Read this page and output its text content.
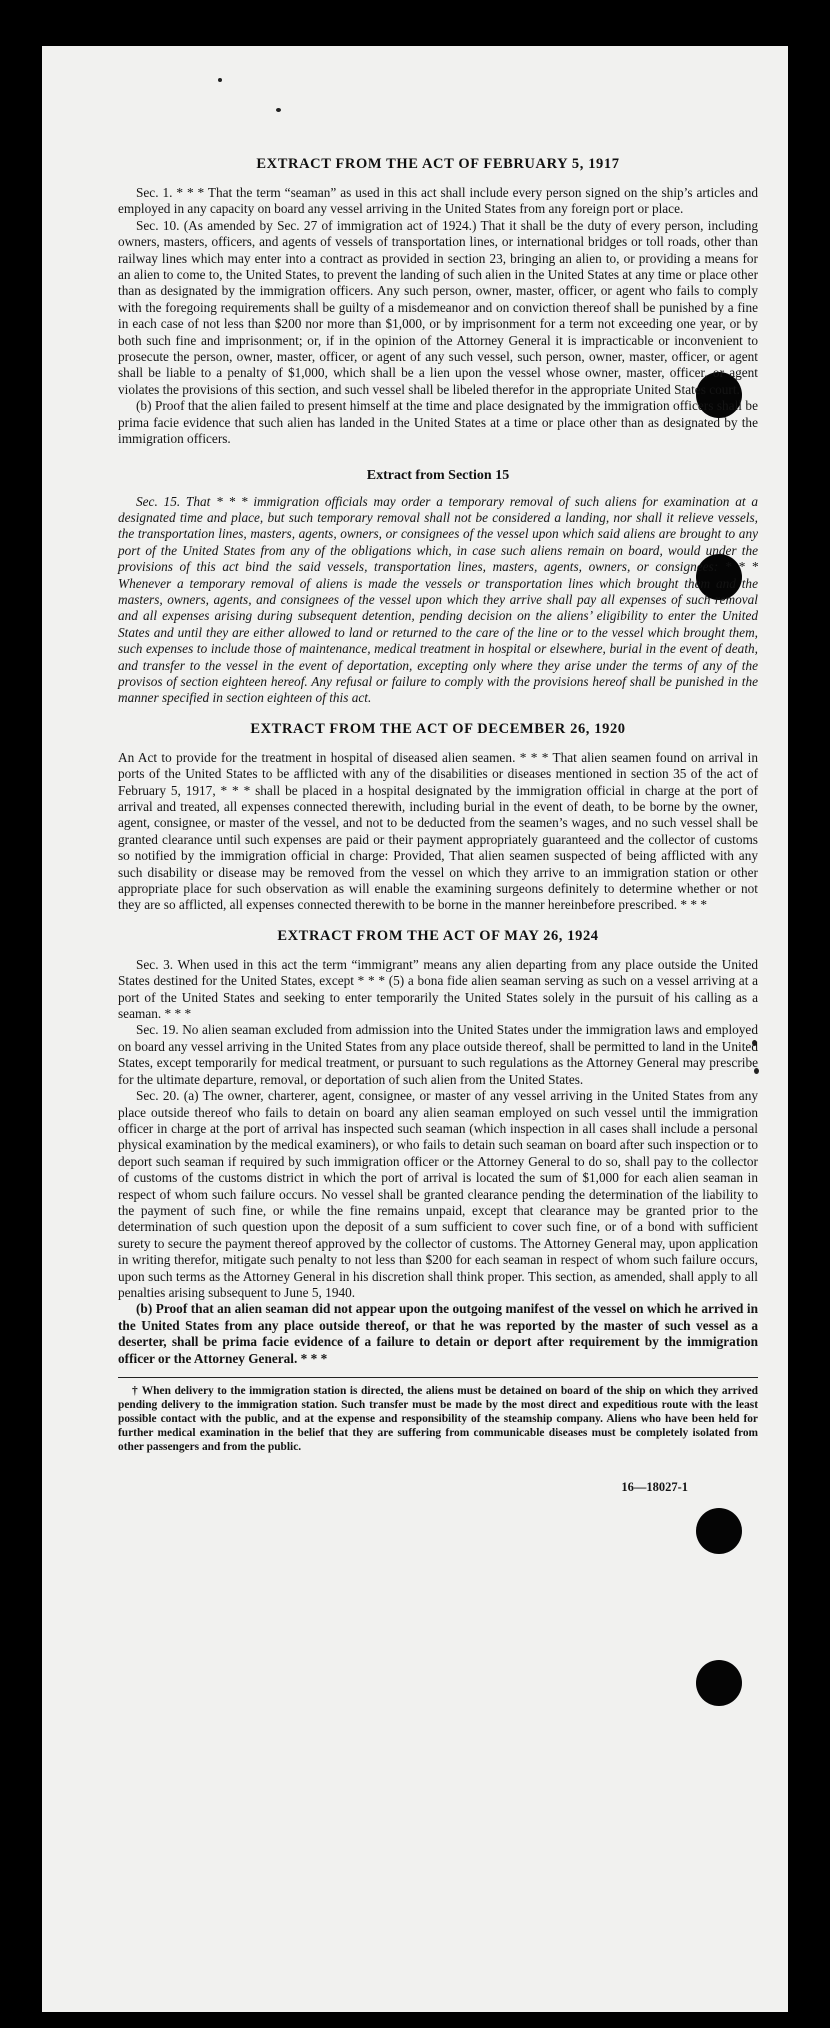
EXTRACT FROM THE ACT OF FEBRUARY 5, 1917

Sec. 1. * * * That the term “seaman” as used in this act shall include every person signed on the ship’s articles and employed in any capacity on board any vessel arriving in the United States from any foreign port or place.

Sec. 10. (As amended by Sec. 27 of immigration act of 1924.) That it shall be the duty of every person, including owners, masters, officers, and agents of vessels of transportation lines, or international bridges or toll roads, other than railway lines which may enter into a contract as provided in section 23, bringing an alien to, or providing a means for an alien to come to, the United States, to prevent the landing of such alien in the United States at any time or place other than as designated by the immigration officers. Any such person, owner, master, officer, or agent who fails to comply with the foregoing requirements shall be guilty of a misdemeanor and on conviction thereof shall be punished by a fine in each case of not less than $200 nor more than $1,000, or by imprisonment for a term not exceeding one year, or by both such fine and imprisonment; or, if in the opinion of the Attorney General it is impracticable or inconvenient to prosecute the person, owner, master, officer, or agent of any such vessel, such person, owner, master, officer, or agent shall be liable to a penalty of $1,000, which shall be a lien upon the vessel whose owner, master, officer, or agent violates the provisions of this section, and such vessel shall be libeled therefor in the appropriate United States court.

(b) Proof that the alien failed to present himself at the time and place designated by the immigration officers shall be prima facie evidence that such alien has landed in the United States at a time or place other than as designated by the immigration officers.

Extract from Section 15

Sec. 15. That * * * immigration officials may order a temporary removal of such aliens for examination at a designated time and place, but such temporary removal shall not be considered a landing, nor shall it relieve vessels, the transportation lines, masters, agents, owners, or consignees of the vessel upon which said aliens are brought to any port of the United States from any of the obligations which, in case such aliens remain on board, would under the provisions of this act bind the said vessels, transportation lines, masters, agents, owners, or consignees: * * * Whenever a temporary removal of aliens is made the vessels or transportation lines which brought them and the masters, owners, agents, and consignees of the vessel upon which they arrive shall pay all expenses of such removal and all expenses arising during subsequent detention, pending decision on the aliens’ eligibility to enter the United States and until they are either allowed to land or returned to the care of the line or to the vessel which brought them, such expenses to include those of maintenance, medical treatment in hospital or elsewhere, burial in the event of death, and transfer to the vessel in the event of deportation, excepting only where they arise under the terms of any of the provisos of section eighteen hereof. Any refusal or failure to comply with the provisions hereof shall be punished in the manner specified in section eighteen of this act.

EXTRACT FROM THE ACT OF DECEMBER 26, 1920

An Act to provide for the treatment in hospital of diseased alien seamen. * * * That alien seamen found on arrival in ports of the United States to be afflicted with any of the disabilities or diseases mentioned in section 35 of the act of February 5, 1917, * * * shall be placed in a hospital designated by the immigration official in charge at the port of arrival and treated, all expenses connected therewith, including burial in the event of death, to be borne by the owner, agent, consignee, or master of the vessel, and not to be deducted from the seamen’s wages, and no such vessel shall be granted clearance until such expenses are paid or their payment appropriately guaranteed and the collector of customs so notified by the immigration official in charge: Provided, That alien seamen suspected of being afflicted with any such disability or disease may be removed from the vessel on which they arrive to an immigration station or other appropriate place for such observation as will enable the examining surgeons definitely to determine whether or not they are so afflicted, all expenses connected therewith to be borne in the manner hereinbefore prescribed. * * *

EXTRACT FROM THE ACT OF MAY 26, 1924

Sec. 3. When used in this act the term “immigrant” means any alien departing from any place outside the United States destined for the United States, except * * * (5) a bona fide alien seaman serving as such on a vessel arriving at a port of the United States and seeking to enter temporarily the United States solely in the pursuit of his calling as a seaman. * * *

Sec. 19. No alien seaman excluded from admission into the United States under the immigration laws and employed on board any vessel arriving in the United States from any place outside thereof, shall be permitted to land in the United States, except temporarily for medical treatment, or pursuant to such regulations as the Attorney General may prescribe for the ultimate departure, removal, or deportation of such alien from the United States.

Sec. 20. (a) The owner, charterer, agent, consignee, or master of any vessel arriving in the United States from any place outside thereof who fails to detain on board any alien seaman employed on such vessel until the immigration officer in charge at the port of arrival has inspected such seaman (which inspection in all cases shall include a personal physical examination by the medical examiners), or who fails to detain such seaman on board after such inspection or to deport such seaman if required by such immigration officer or the Attorney General to do so, shall pay to the collector of customs of the customs district in which the port of arrival is located the sum of $1,000 for each alien seaman in respect of whom such failure occurs. No vessel shall be granted clearance pending the determination of the liability to the payment of such fine, or while the fine remains unpaid, except that clearance may be granted prior to the determination of such question upon the deposit of a sum sufficient to cover such fine, or of a bond with sufficient surety to secure the payment thereof approved by the collector of customs. The Attorney General may, upon application in writing therefor, mitigate such penalty to not less than $200 for each seaman in respect of whom such failure occurs, upon such terms as the Attorney General in his discretion shall think proper. This section, as amended, shall apply to all penalties arising subsequent to June 5, 1940.

(b) Proof that an alien seaman did not appear upon the outgoing manifest of the vessel on which he arrived in the United States from any place outside thereof, or that he was reported by the master of such vessel as a deserter, shall be prima facie evidence of a failure to detain or deport after requirement by the immigration officer or the Attorney General. * * *

† When delivery to the immigration station is directed, the aliens must be detained on board of the ship on which they arrived pending delivery to the immigration station. Such transfer must be made by the most direct and expeditious route with the least possible contact with the public, and at the expense and responsibility of the steamship company. Aliens who have been held for further medical examination in the belief that they are suffering from communicable diseases must be completely isolated from other passengers and from the public.

16—18027-1
